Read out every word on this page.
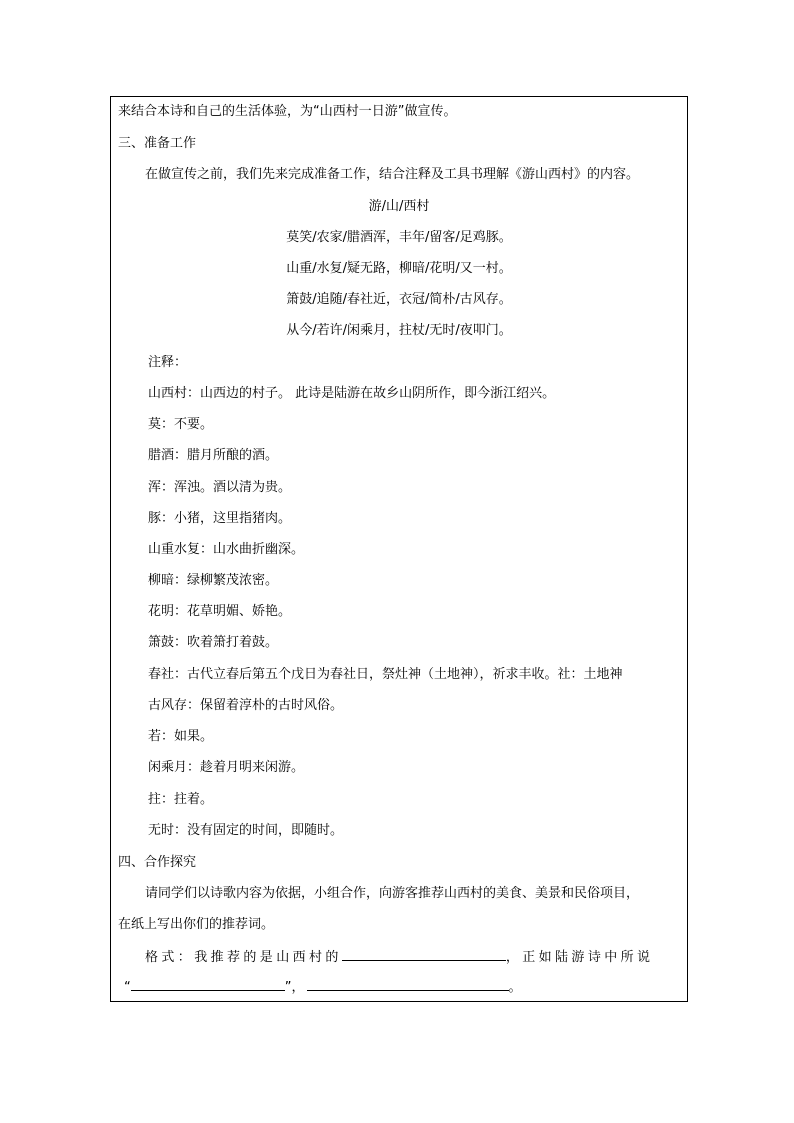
来结合本诗和自己的生活体验，为“山西村一日游”做宣传。
三、准备工作
在做宣传之前，我们先来完成准备工作，结合注释及工具书理解《游山西村》的内容。
游/山/西村
莫笑/农家/腊酒浑，丰年/留客/足鸡豚。
山重/水复/疑无路，柳暗/花明/又一村。
箫鼓/追随/春社近，衣冠/简朴/古风存。
从今/若许/闲乘月，拄杖/无时/夜叩门。
注释：
山西村：山西边的村子。 此诗是陆游在故乡山阴所作，即今浙江绍兴。
莫：不要。
腊酒：腊月所酿的酒。
浑：浑浊。酒以清为贵。
豚：小猪，这里指猪肉。
山重水复：山水曲折幽深。
柳暗：绿柳繁茂浓密。
花明：花草明媚、娇艳。
箫鼓：吹着箫打着鼓。
春社：古代立春后第五个戊日为春社日，祭灶神（土地神），祈求丰收。社：土地神
古风存：保留着淳朴的古时风俗。
若：如果。
闲乘月：趁着月明来闲游。
拄：拄着。
无时：没有固定的时间，即随时。
四、合作探究
请同学们以诗歌内容为依据，小组合作，向游客推荐山西村的美食、美景和民俗项目，
在纸上写出你们的推荐词。
格式：我推荐的是山西村的	，正如陆游诗中所说
“	”，	。
